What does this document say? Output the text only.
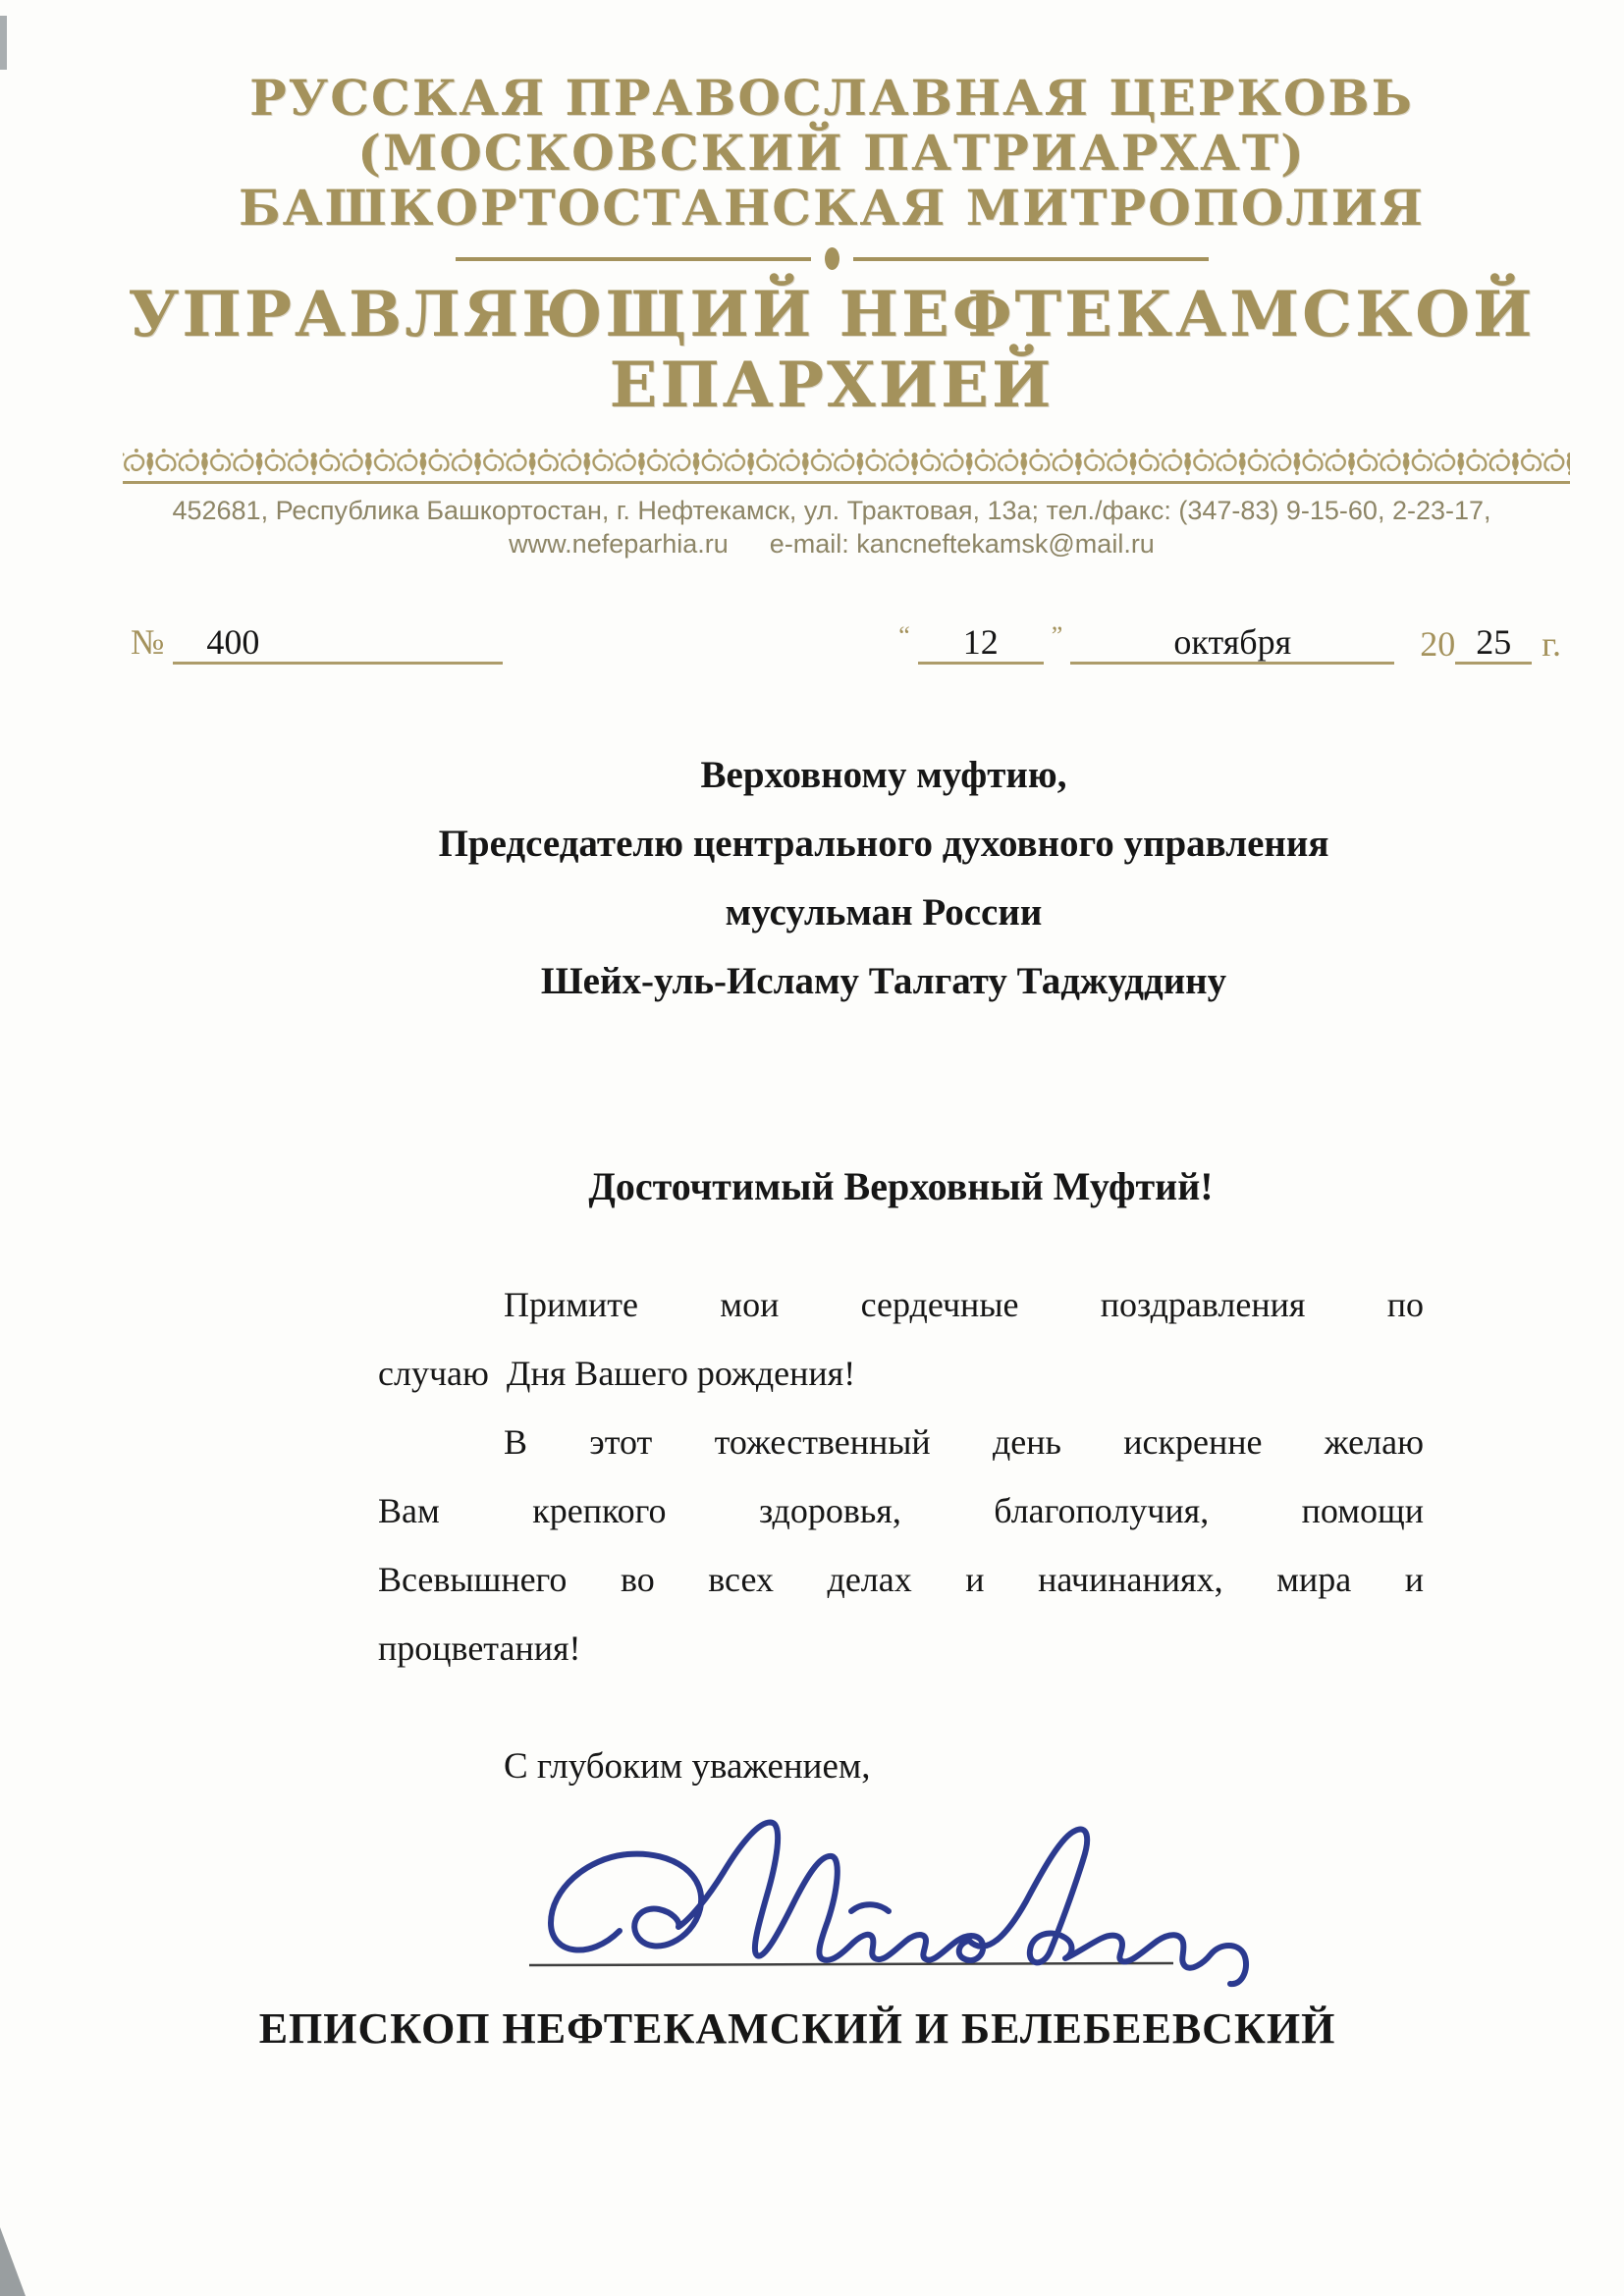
РУССКАЯ ПРАВОСЛАВНАЯ ЦЕРКОВЬ
(МОСКОВСКИЙ ПАТРИАРХАТ)
БАШКОРТОСТАНСКАЯ МИТРОПОЛИЯ
УПРАВЛЯЮЩИЙ НЕФТЕКАМСКОЙ ЕПАРХИЕЙ
452681, Республика Башкортостан, г. Нефтекамск, ул. Трактовая, 13а; тел./факс: (347-83) 9-15-60, 2-23-17,
www.nefeparhia.ru e-mail: kancneftekamsk@mail.ru
№ 400	“	12	”	октября	20 25 г.
Верховному муфтию,
Председателю центрального духовного управления
мусульман России
Шейх-уль-Исламу Талгату Таджуддину
Досточтимый Верховный Муфтий!
Примите мои сердечные поздравления по
случаю  Дня Вашего рождения!
В этот тожественный день искренне желаю
Вам крепкого здоровья, благополучия, помощи
Всевышнего во всех делах и начинаниях, мира и
процветания!
С глубоким уважением,
ЕПИСКОП НЕФТЕКАМСКИЙ И БЕЛЕБЕЕВСКИЙ
